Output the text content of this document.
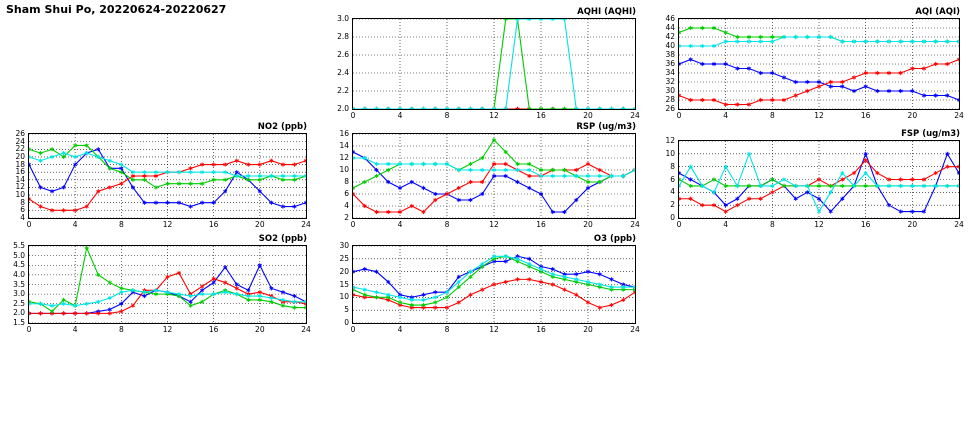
Sham Shui Po, 20220624-20220627	AQHI (AQHI)
2.0
2.2
2.4
2.6
2.8
3.0
0	4	8	12	16	20	24
AQI (AQI)
26
28
30
32
34
36
38
40
42
44
46
0	4	8	12	16	20	24
NO2 (ppb)
4
6
8
10
12
14
16
18
20
22
24
26
0	4	8	12	16	20	24
RSP (ug/m3)
2
4
6
8
10
12
14
16
0	4	8	12	16	20	24
FSP (ug/m3)
0
2
4
6
8
10
12
0	4	8	12	16	20	24
SO2 (ppb)
1.5
2.0
2.5
3.0
3.5
4.0
4.5
5.0
5.5
0	4	8	12	16	20	24
O3 (ppb)
0
5
10
15
20
25
30
0	4	8	12	16	20	24
